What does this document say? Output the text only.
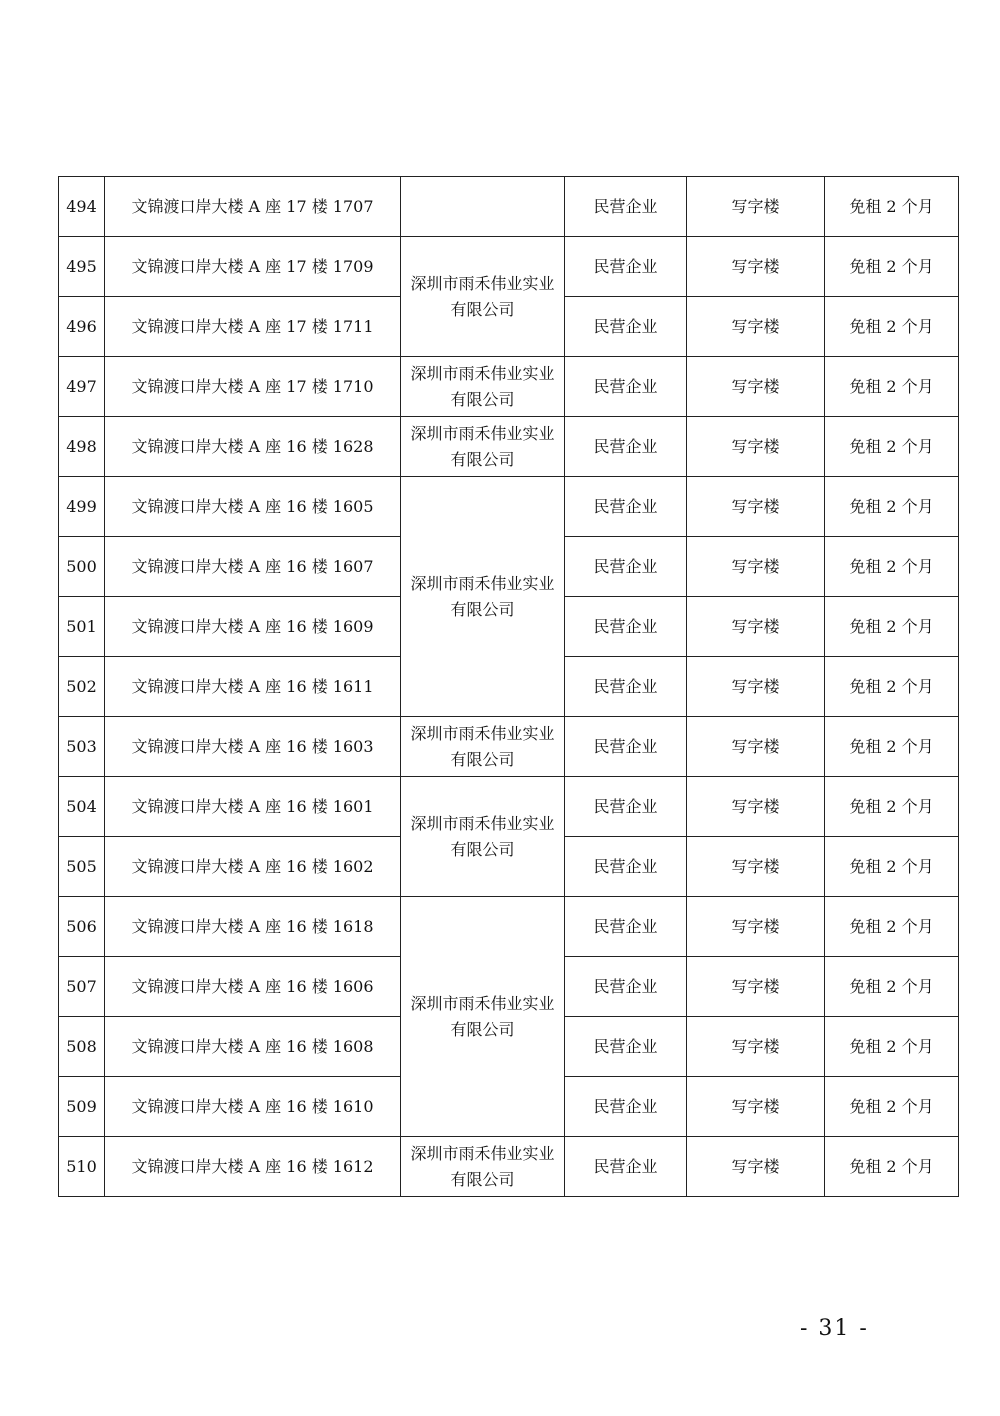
494	文锦渡口岸大楼 A 座 17 楼 1707		民营企业	写字楼	免租 2 个月
495	文锦渡口岸大楼 A 座 17 楼 1709	深圳市雨禾伟业实业
有限公司	民营企业	写字楼	免租 2 个月
496	文锦渡口岸大楼 A 座 17 楼 1711		民营企业	写字楼	免租 2 个月
497	文锦渡口岸大楼 A 座 17 楼 1710	深圳市雨禾伟业实业
有限公司	民营企业	写字楼	免租 2 个月
498	文锦渡口岸大楼 A 座 16 楼 1628	深圳市雨禾伟业实业
有限公司	民营企业	写字楼	免租 2 个月
499	文锦渡口岸大楼 A 座 16 楼 1605	深圳市雨禾伟业实业
有限公司	民营企业	写字楼	免租 2 个月
500	文锦渡口岸大楼 A 座 16 楼 1607		民营企业	写字楼	免租 2 个月
501	文锦渡口岸大楼 A 座 16 楼 1609		民营企业	写字楼	免租 2 个月
502	文锦渡口岸大楼 A 座 16 楼 1611		民营企业	写字楼	免租 2 个月
503	文锦渡口岸大楼 A 座 16 楼 1603	深圳市雨禾伟业实业
有限公司	民营企业	写字楼	免租 2 个月
504	文锦渡口岸大楼 A 座 16 楼 1601	深圳市雨禾伟业实业
有限公司	民营企业	写字楼	免租 2 个月
505	文锦渡口岸大楼 A 座 16 楼 1602		民营企业	写字楼	免租 2 个月
506	文锦渡口岸大楼 A 座 16 楼 1618	深圳市雨禾伟业实业
有限公司	民营企业	写字楼	免租 2 个月
507	文锦渡口岸大楼 A 座 16 楼 1606		民营企业	写字楼	免租 2 个月
508	文锦渡口岸大楼 A 座 16 楼 1608		民营企业	写字楼	免租 2 个月
509	文锦渡口岸大楼 A 座 16 楼 1610		民营企业	写字楼	免租 2 个月
510	文锦渡口岸大楼 A 座 16 楼 1612	深圳市雨禾伟业实业
有限公司	民营企业	写字楼	免租 2 个月
- 31 -
